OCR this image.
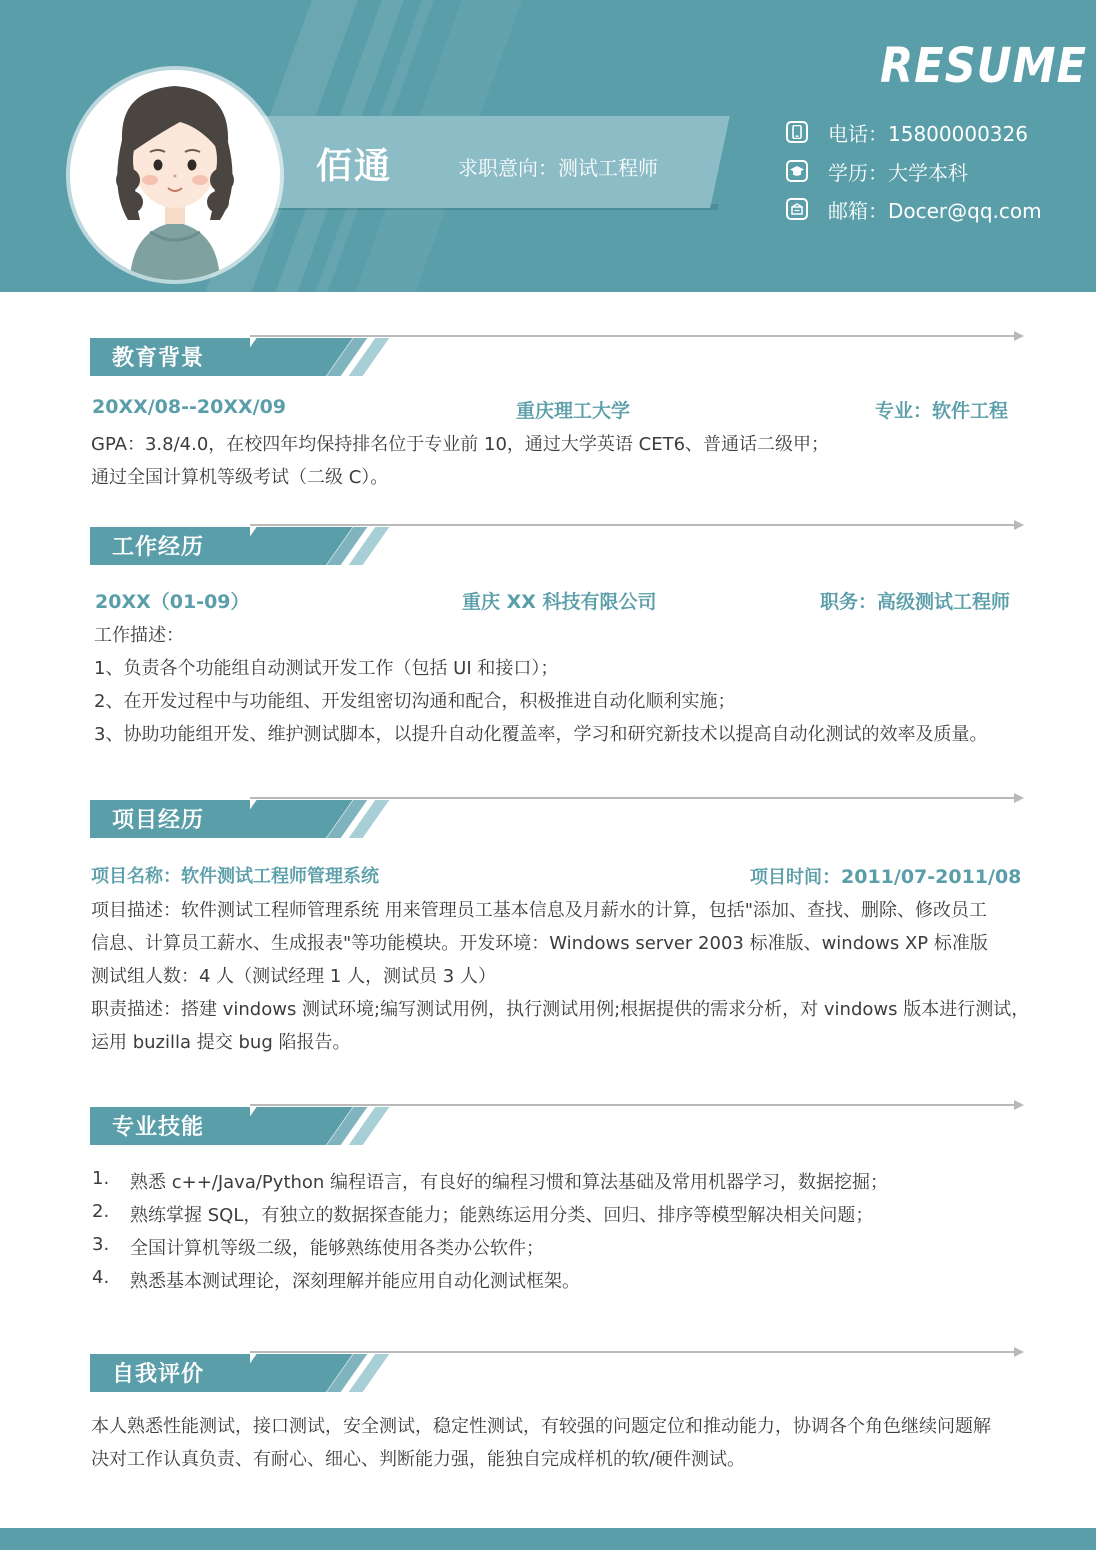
佰通	求职意向：测试工程师
RESUME
电话：15800000326
学历：大学本科
邮箱：Docer@qq.com
教育背景
20XX/08--20XX/09	重庆理工大学	专业：软件工程
GPA：3.8/4.0，在校四年均保持排名位于专业前 10，通过大学英语 CET6、普通话二级甲；
通过全国计算机等级考试（二级 C）。
工作经历
20XX（01-09）	重庆 XX 科技有限公司	职务：高级测试工程师
工作描述：
1、负责各个功能组自动测试开发工作（包括 UI 和接口）；
2、在开发过程中与功能组、开发组密切沟通和配合，积极推进自动化顺利实施；
3、协助功能组开发、维护测试脚本，以提升自动化覆盖率，学习和研究新技术以提高自动化测试的效率及质量。
项目经历
项目名称：软件测试工程师管理系统	项目时间：2011/07-2011/08
项目描述：软件测试工程师管理系统 用来管理员工基本信息及月薪水的计算，包括"添加、查找、删除、修改员工
信息、计算员工薪水、生成报表"等功能模块。开发环境：Windows server 2003 标准版、windows XP 标准版
测试组人数：4 人（测试经理 1 人，测试员 3 人）
职责描述：搭建 vindows 测试环境;编写测试用例，执行测试用例;根据提供的需求分析，对 vindows 版本进行测试，
运用 buzilla 提交 bug 陷报告。
专业技能
1. 熟悉 c++/Java/Python 编程语言，有良好的编程习惯和算法基础及常用机器学习，数据挖掘；
2. 熟练掌握 SQL，有独立的数据探查能力；能熟练运用分类、回归、排序等模型解决相关问题；
3. 全国计算机等级二级，能够熟练使用各类办公软件；
4. 熟悉基本测试理论，深刻理解并能应用自动化测试框架。
自我评价
本人熟悉性能测试，接口测试，安全测试，稳定性测试，有较强的问题定位和推动能力，协调各个角色继续问题解
决对工作认真负责、有耐心、细心、判断能力强，能独自完成样机的软/硬件测试。
